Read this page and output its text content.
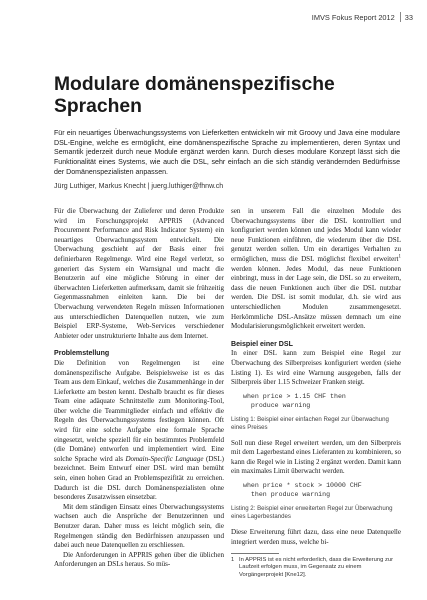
IMVS Fokus Report 2012	33
Modulare domänenspezifische Sprachen

Für ein neuartiges Überwachungssystems von Lieferketten entwickeln wir mit Groovy und Java eine modulare DSL-Engine, welche es ermöglicht, eine domänenspezifische Sprache zu implementieren, deren Syntax und Semantik jederzeit durch neue Module ergänzt werden kann. Durch dieses modulare Konzept lässt sich die Funktionalität eines Systems, wie auch die DSL, sehr einfach an die sich ständig verändernden Bedürfnisse der Domänenspezialisten anpassen.

Jürg Luthiger, Markus Knecht | juerg.luthiger@fhnw.ch

Für die Überwachung der Zulieferer und deren Produkte wird im Forschungsprojekt APPRIS (Advanced Procurement Performance and Risk Indicator System) ein neuartiges Überwachungssystem entwickelt. Die Überwachung geschieht auf der Basis einer frei definierbaren Regelmenge. Wird eine Regel verletzt, so generiert das System ein Warnsignal und macht die Benutzerin auf eine mögliche Störung in einer der überwachten Lieferketten aufmerksam, damit sie frühzeitig Gegenmassnahmen einleiten kann. Die bei der Überwachung verwendeten Regeln müssen Informationen aus unterschiedlichen Datenquellen nutzen, wie zum Beispiel ERP-Systeme, Web-Services verschiedener Anbieter oder unstrukturierte Inhalte aus dem Internet.

Problemstellung

Die Definition von Regelmengen ist eine domänenspezifische Aufgabe. Beispielsweise ist es das Team aus dem Einkauf, welches die Zusammenhänge in der Lieferkette am besten kennt. Deshalb braucht es für dieses Team eine adäquate Schnittstelle zum Monitoring-Tool, über welche die Teammitglieder einfach und effektiv die Regeln des Überwachungssystems festlegen können. Oft wird für eine solche Aufgabe eine formale Sprache eingesetzt, welche speziell für ein bestimmtes Problemfeld (die Domäne) entworfen und implementiert wird. Eine solche Sprache wird als Domain-Specific Language (DSL) bezeichnet. Beim Entwurf einer DSL wird man bemüht sein, einen hohen Grad an Problemspezifität zu erreichen. Dadurch ist die DSL durch Domänenspezialisten ohne besonderes Zusatzwissen einsetzbar.

Mit dem ständigen Einsatz eines Überwachungssystems wachsen auch die Ansprüche der Benutzerinnen und Benutzer daran. Daher muss es leicht möglich sein, die Regelmengen ständig den Bedürfnissen anzupassen und dabei auch neue Datenquellen zu erschliessen.

Die Anforderungen in APPRIS gehen über die üblichen Anforderungen an DSLs heraus. So müs-

sen in unserem Fall die einzelnen Module des Überwachungssystems über die DSL kontrolliert und konfiguriert werden können und jedes Modul kann wieder neue Funktionen einführen, die wiederum über die DSL genutzt werden sollen. Um ein derartiges Verhalten zu ermöglichen, muss die DSL möglichst flexibel erweitert$^1$ werden können. Jedes Modul, das neue Funktionen einbringt, muss in der Lage sein, die DSL so zu erweitern, dass die neuen Funktionen auch über die DSL nutzbar werden. Die DSL ist somit modular, d.h. sie wird aus unterschiedlichen Modulen zusammengesetzt. Herkömmliche DSL-Ansätze müssen demnach um eine Modularisierungsmöglichkeit erweitert werden.

Beispiel einer DSL

In einer DSL kann zum Beispiel eine Regel zur Überwachung des Silberpreises konfiguriert werden (siehe Listing 1). Es wird eine Warnung ausgegeben, falls der Silberpreis über 1.15 Schweizer Franken steigt.

when price > 1.15 CHF then
produce warning
Listing 1: Beispiel einer einfachen Regel zur Überwachung eines Preises

Soll nun diese Regel erweitert werden, um den Silberpreis mit dem Lagerbestand eines Lieferanten zu kombinieren, so kann die Regel wie in Listing 2 ergänzt werden. Damit kann ein maximales Limit überwacht werden.

when price * stock > 10000 CHF
then produce warning
Listing 2: Beispiel einer erweiterten Regel zur Überwachung eines Lagerbestandes

Diese Erweiterung führt dazu, dass eine neue Datenquelle integriert werden muss, welche bi-

1 In APPRIS ist es nicht erforderlich, dass die Erweiterung zur Laufzeit erfolgen muss, im Gegensatz zu einem Vorgängerprojekt [Kne12].
